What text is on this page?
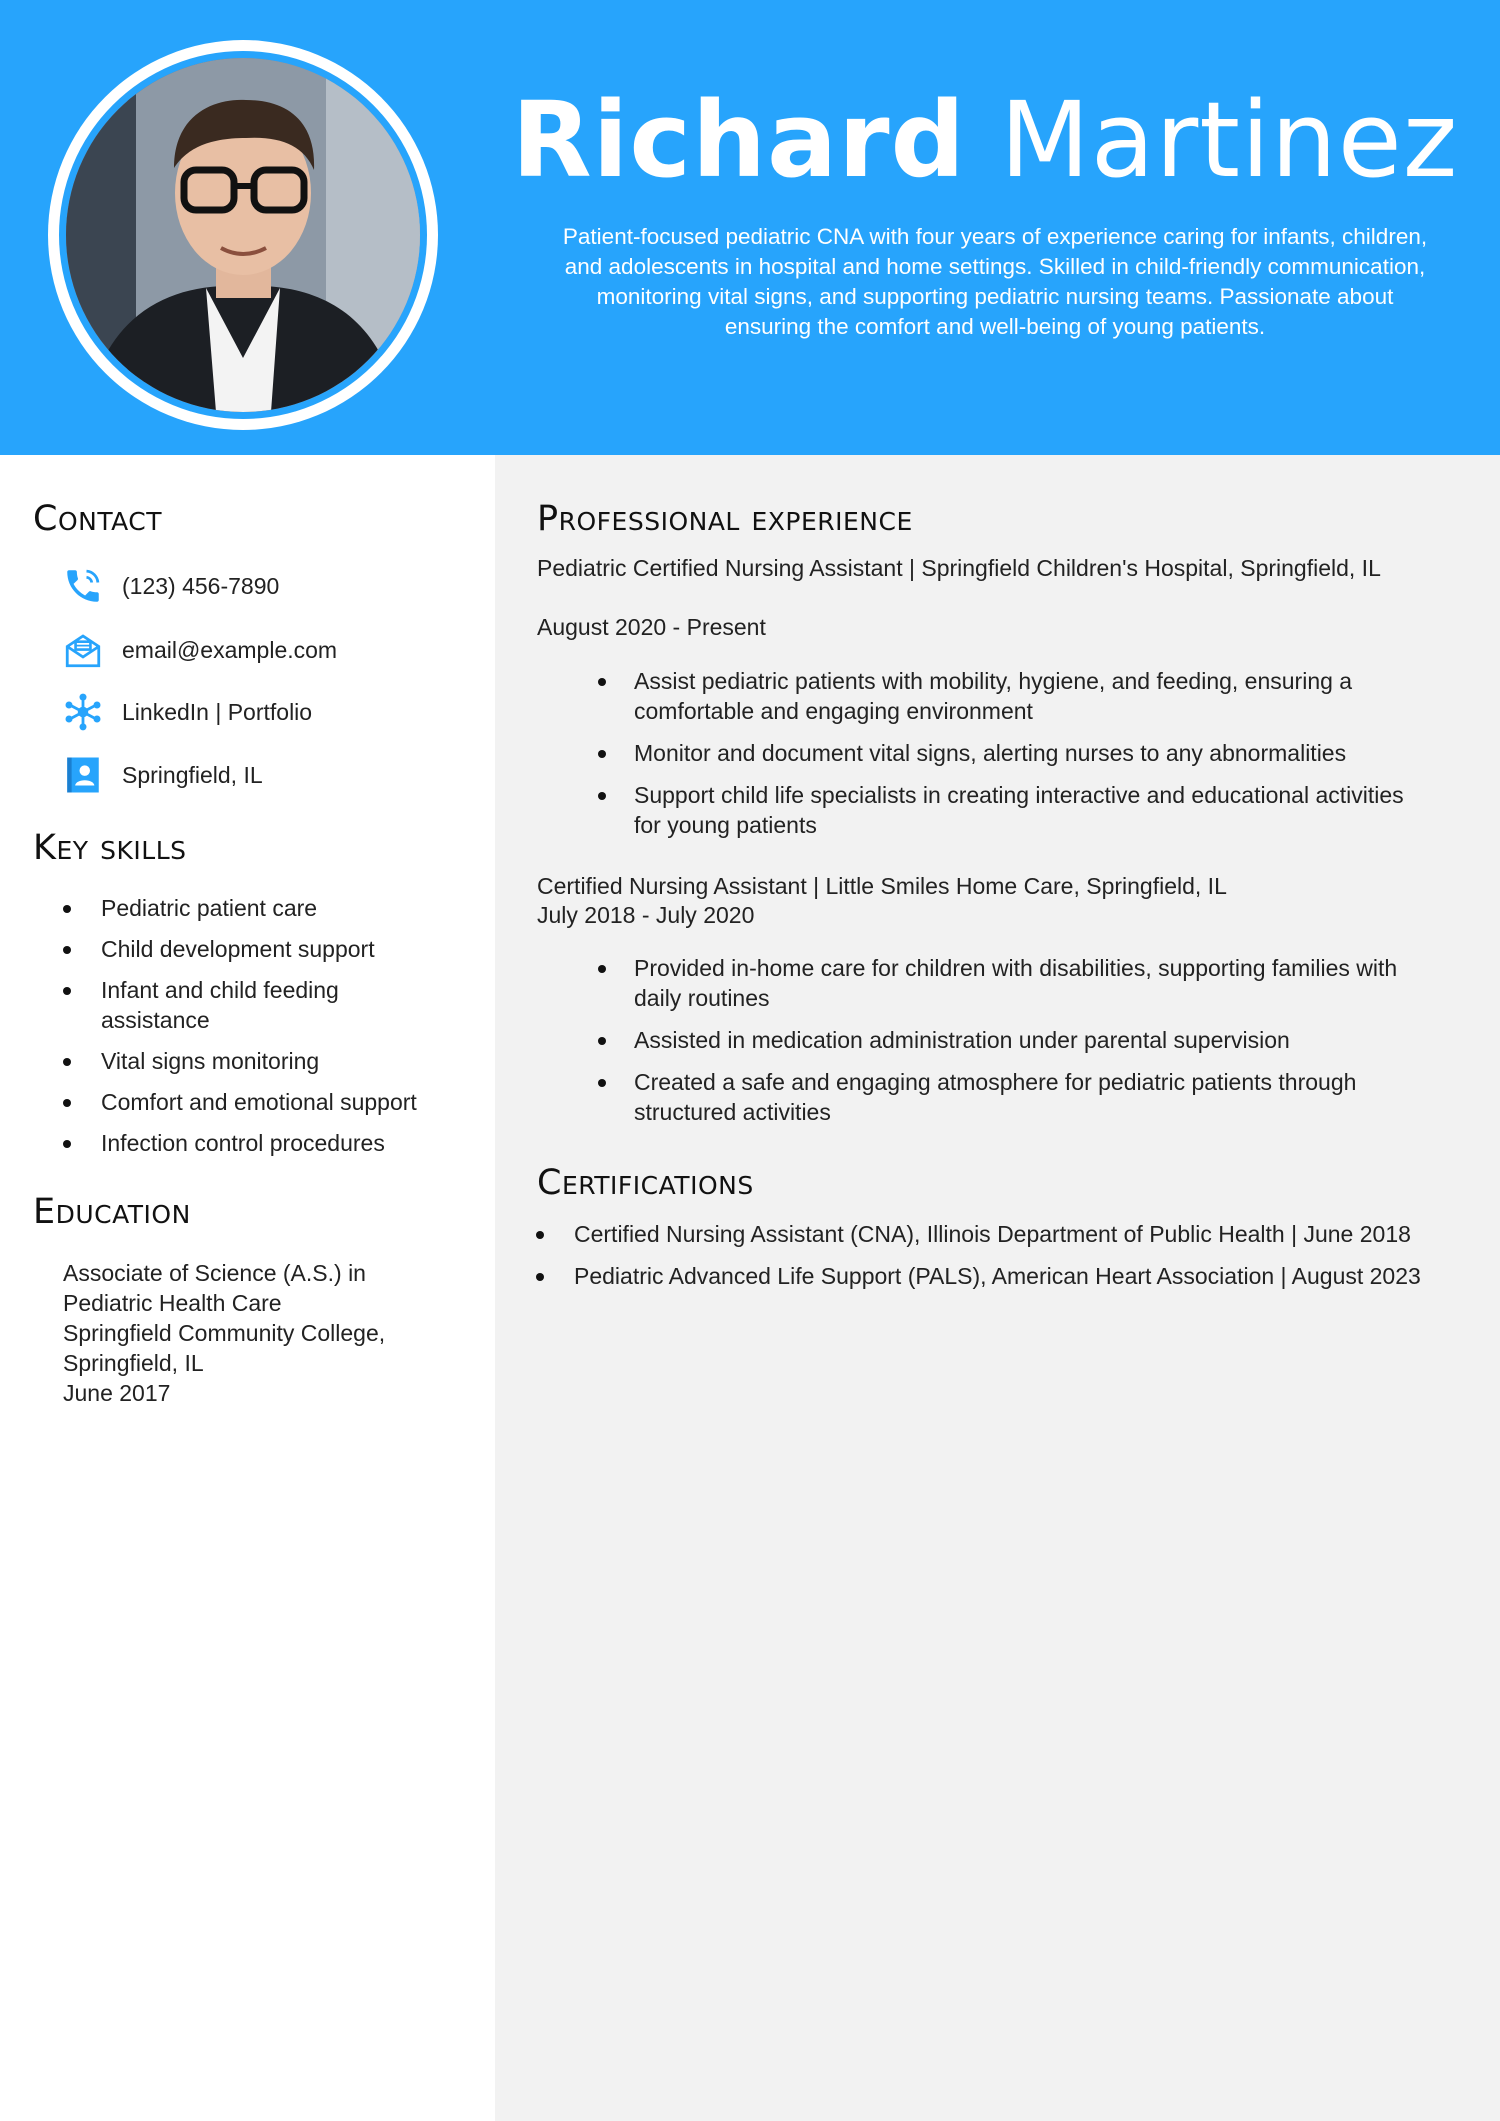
Richard Martinez
Patient-focused pediatric CNA with four years of experience caring for infants, children, and adolescents in hospital and home settings. Skilled in child-friendly communication, monitoring vital signs, and supporting pediatric nursing teams. Passionate about ensuring the comfort and well-being of young patients.
Contact
(123) 456-7890
email@example.com
LinkedIn | Portfolio
Springfield, IL
Key skills
Pediatric patient care
Child development support
Infant and child feeding assistance
Vital signs monitoring
Comfort and emotional support
Infection control procedures
Education
Associate of Science (A.S.) in Pediatric Health Care
Springfield Community College, Springfield, IL
June 2017
Professional experience
Pediatric Certified Nursing Assistant | Springfield Children's Hospital, Springfield, IL
August 2020 - Present
Assist pediatric patients with mobility, hygiene, and feeding, ensuring a comfortable and engaging environment
Monitor and document vital signs, alerting nurses to any abnormalities
Support child life specialists in creating interactive and educational activities for young patients
Certified Nursing Assistant | Little Smiles Home Care, Springfield, IL
July 2018 - July 2020
Provided in-home care for children with disabilities, supporting families with daily routines
Assisted in medication administration under parental supervision
Created a safe and engaging atmosphere for pediatric patients through structured activities
Certifications
Certified Nursing Assistant (CNA), Illinois Department of Public Health | June 2018
Pediatric Advanced Life Support (PALS), American Heart Association | August 2023
